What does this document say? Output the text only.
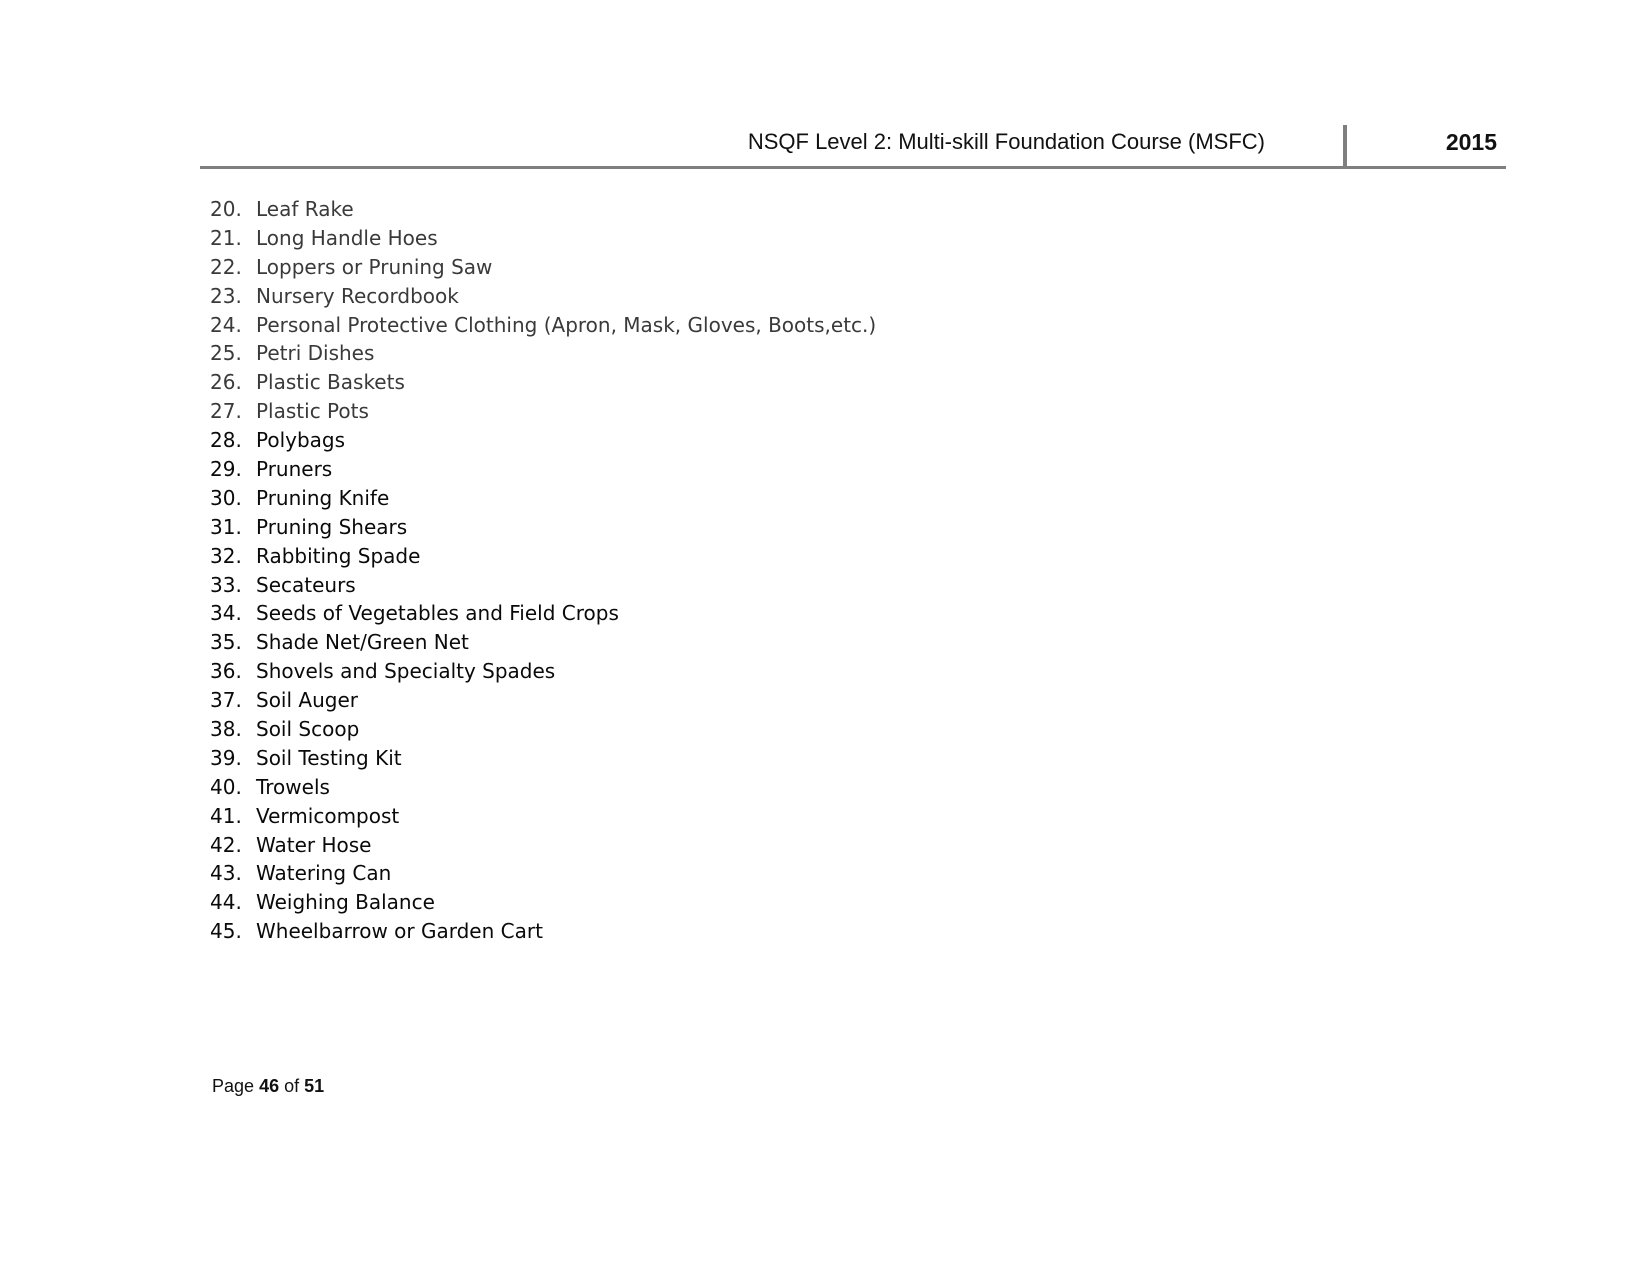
NSQF Level 2: Multi-skill Foundation Course (MSFC)	2015
20. Leaf Rake
21. Long Handle Hoes
22. Loppers or Pruning Saw
23. Nursery Recordbook
24. Personal Protective Clothing (Apron, Mask, Gloves, Boots,etc.)
25. Petri Dishes
26. Plastic Baskets
27. Plastic Pots
28. Polybags
29. Pruners
30. Pruning Knife
31. Pruning Shears
32. Rabbiting Spade
33. Secateurs
34. Seeds of Vegetables and Field Crops
35. Shade Net/Green Net
36. Shovels and Specialty Spades
37. Soil Auger
38. Soil Scoop
39. Soil Testing Kit
40. Trowels
41. Vermicompost
42. Water Hose
43. Watering Can
44. Weighing Balance
45. Wheelbarrow or Garden Cart
Page 46 of 51
